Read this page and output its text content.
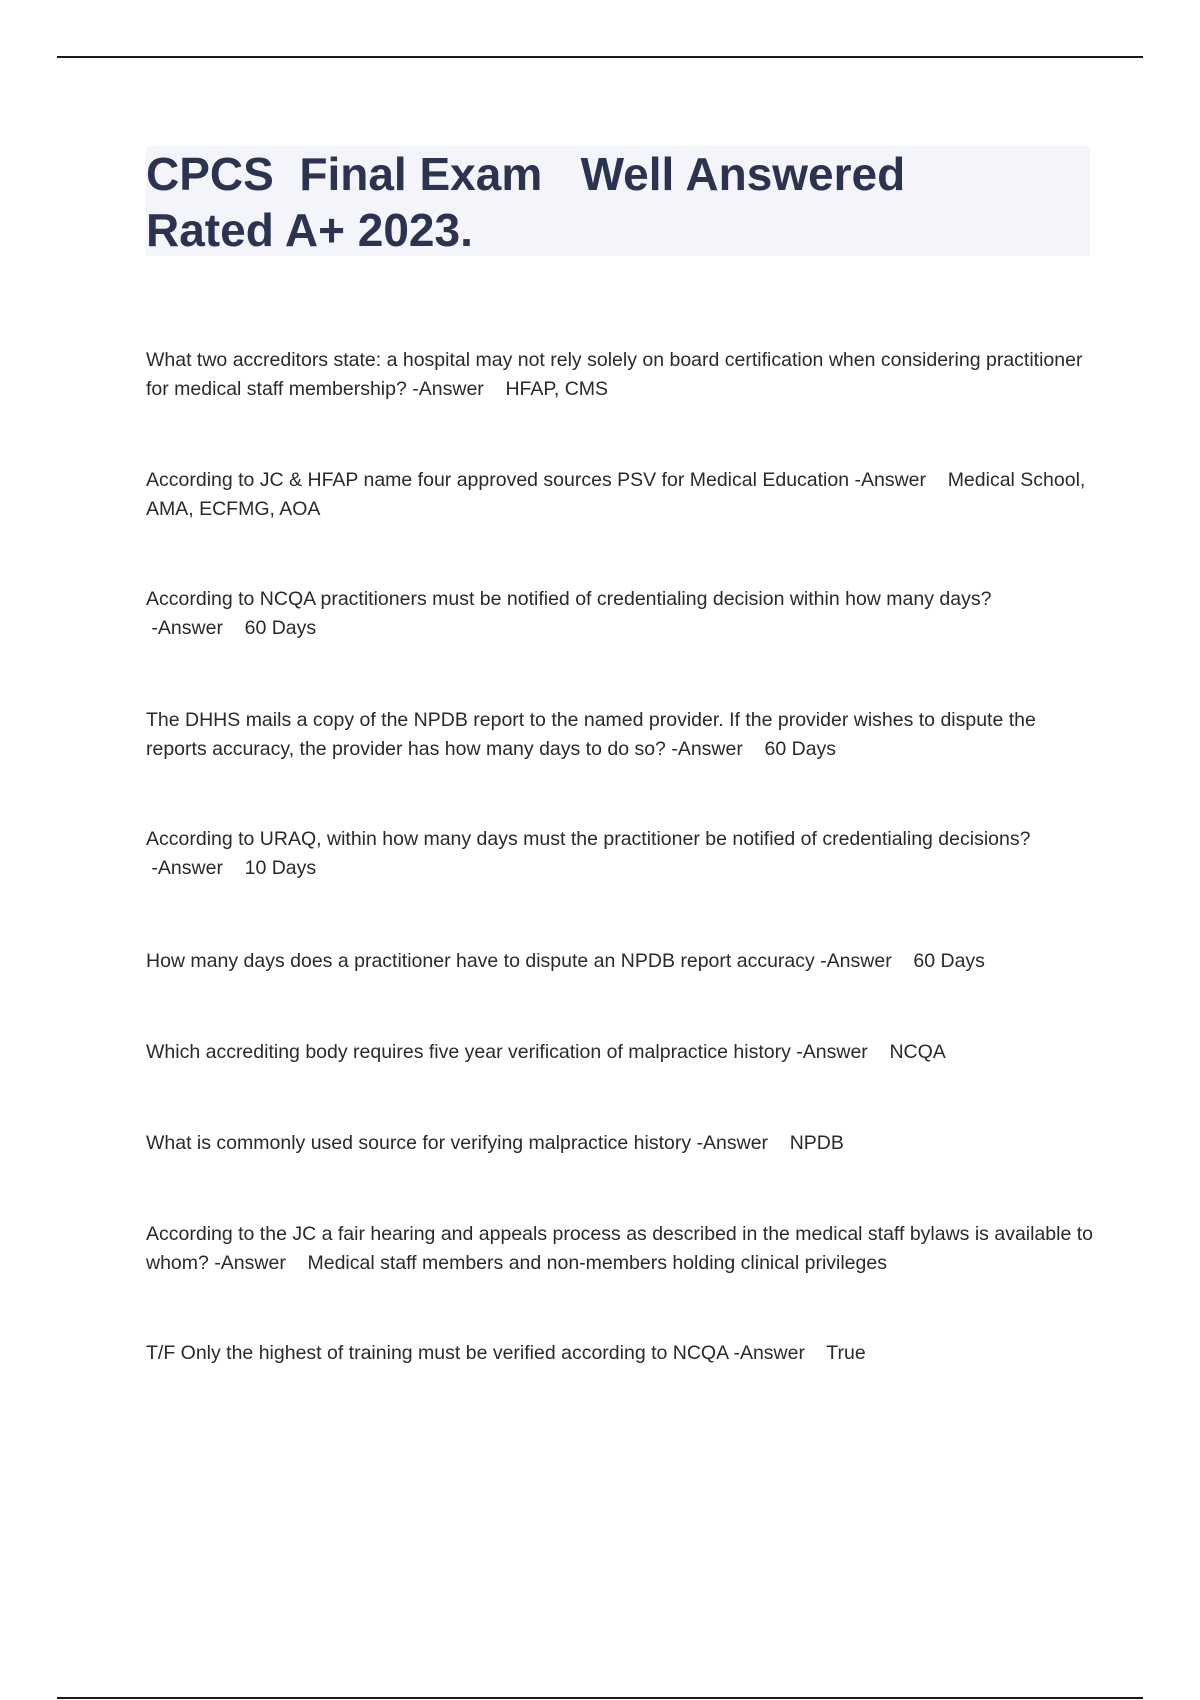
CPCS  Final Exam   Well Answered
Rated A+ 2023.
What two accreditors state: a hospital may not rely solely on board certification when considering practitioner for medical staff membership? -Answer    HFAP, CMS
According to JC & HFAP name four approved sources PSV for Medical Education -Answer    Medical School, AMA, ECFMG, AOA
According to NCQA practitioners must be notified of credentialing decision within how many days? -Answer    60 Days
The DHHS mails a copy of the NPDB report to the named provider. If the provider wishes to dispute the reports accuracy, the provider has how many days to do so? -Answer    60 Days
According to URAQ, within how many days must the practitioner be notified of credentialing decisions? -Answer    10 Days
How many days does a practitioner have to dispute an NPDB report accuracy -Answer    60 Days
Which accrediting body requires five year verification of malpractice history -Answer    NCQA
What is commonly used source for verifying malpractice history -Answer    NPDB
According to the JC a fair hearing and appeals process as described in the medical staff bylaws is available to whom? -Answer    Medical staff members and non-members holding clinical privileges
T/F Only the highest of training must be verified according to NCQA -Answer    True
